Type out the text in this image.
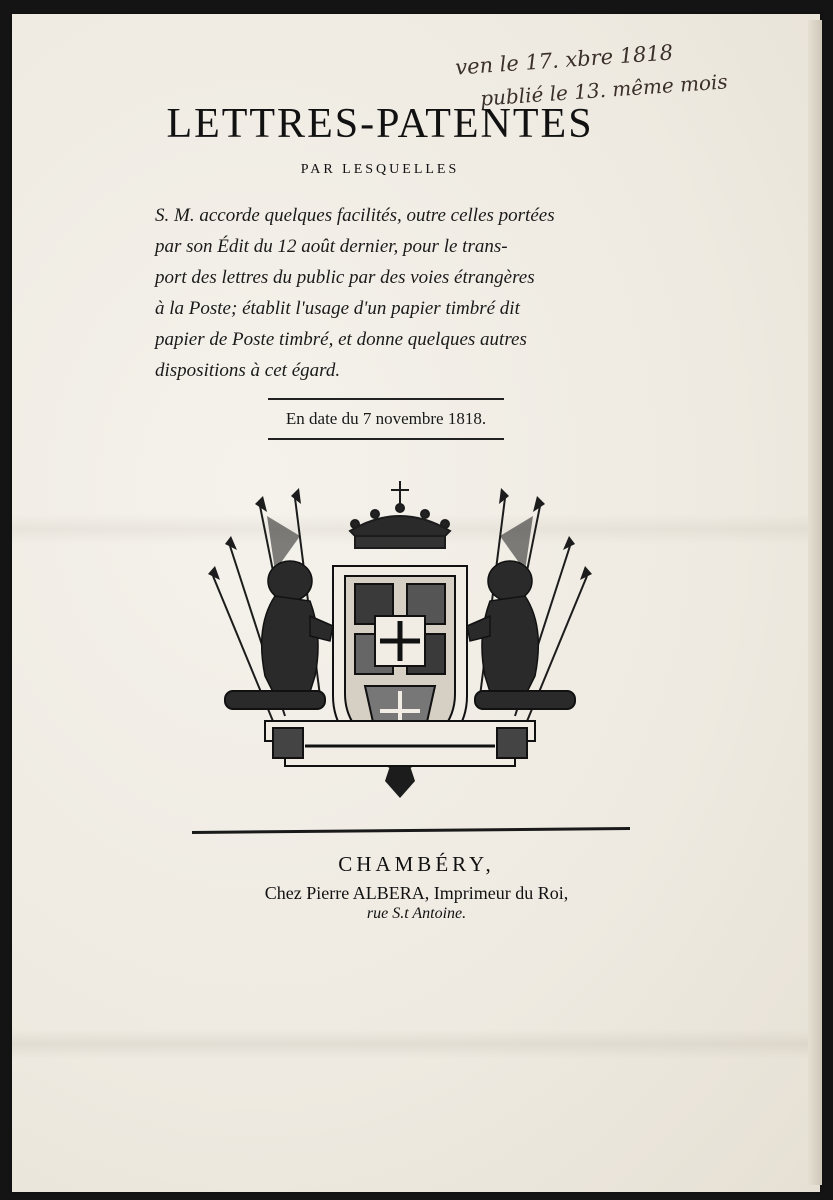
ven le 17. xbre 1818
publié le 13. même mois
LETTRES-PATENTES
PAR LESQUELLES
S. M. accorde quelques facilités, outre celles portées
par son Édit du 12 août dernier, pour le trans-
port des lettres du public par des voies étrangères
à la Poste; établit l'usage d'un papier timbré dit
papier de Poste timbré, et donne quelques autres
dispositions à cet égard.
En date du 7 novembre 1818.
CHAMBÉRY,
Chez Pierre ALBERA, Imprimeur du Roi,
rue S.t Antoine.
